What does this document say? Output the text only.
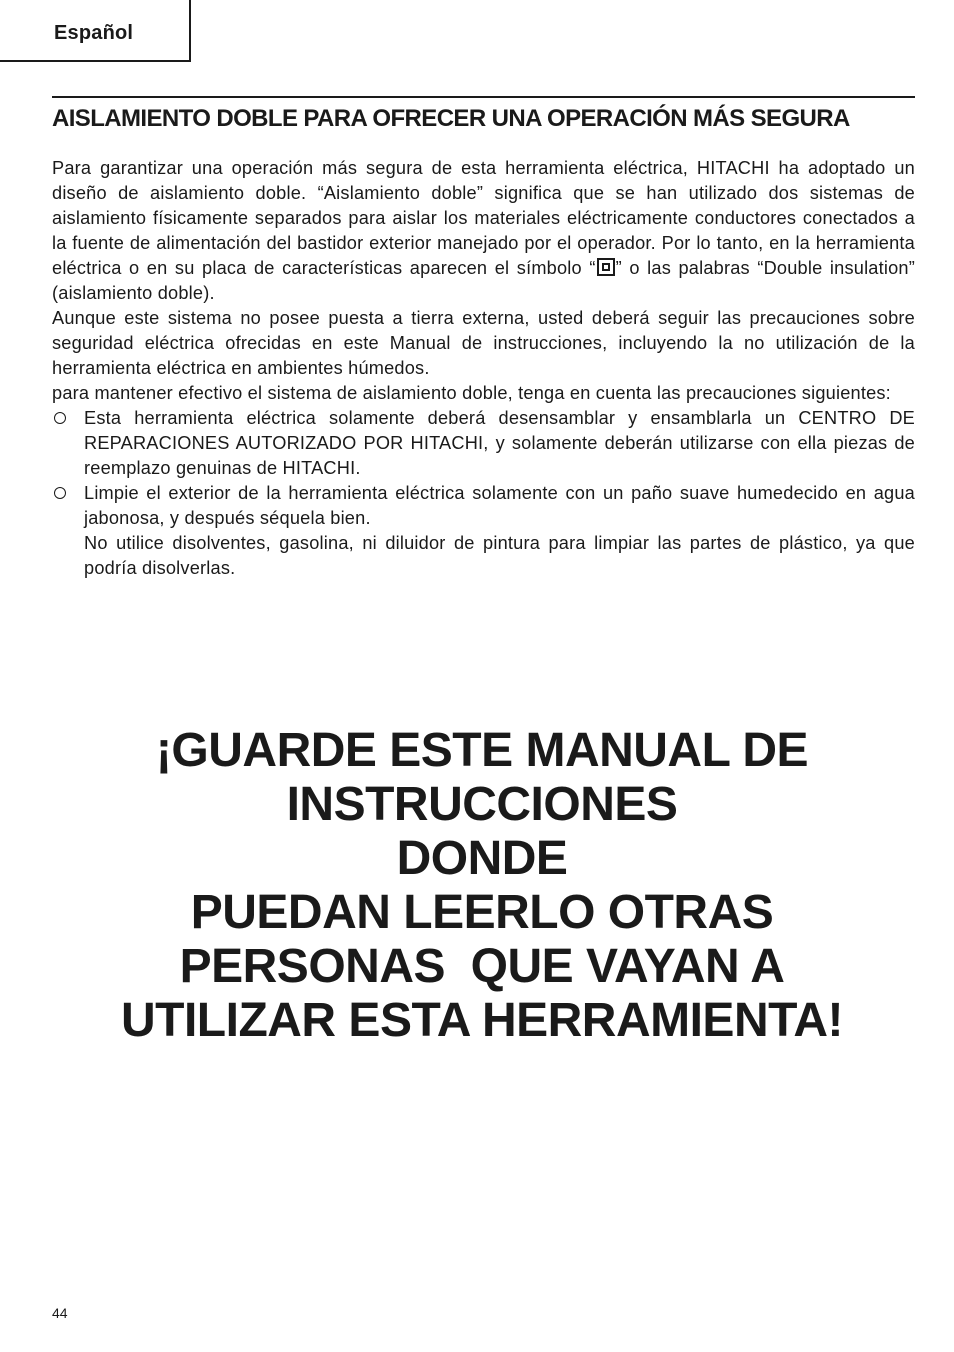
Español
AISLAMIENTO DOBLE PARA OFRECER UNA OPERACIÓN MÁS SEGURA

Para garantizar una operación más segura de esta herramienta eléctrica, HITACHI ha adoptado un diseño de aislamiento doble. “Aislamiento doble” significa que se han utilizado dos sistemas de aislamiento físicamente separados para aislar los materiales eléctricamente conductores conectados a la fuente de alimentación del bastidor exterior manejado por el operador. Por lo tanto, en la herramienta eléctrica o en su placa de características aparecen el símbolo “ ” o las palabras “Double insulation” (aislamiento doble).

Aunque este sistema no posee puesta a tierra externa, usted deberá seguir las precauciones sobre seguridad eléctrica ofrecidas en este Manual de instrucciones, incluyendo la no utilización de la herramienta eléctrica en ambientes húmedos.

para mantener efectivo el sistema de aislamiento doble, tenga en cuenta las precauciones siguientes:

Esta herramienta eléctrica solamente deberá desensamblar y ensamblarla un CENTRO DE REPARACIONES AUTORIZADO POR HITACHI, y solamente deberán utilizarse con ella piezas de reemplazo genuinas de HITACHI.

Limpie el exterior de la herramienta eléctrica solamente con un paño suave humedecido en agua jabonosa, y después séquela bien.

No utilice disolventes, gasolina, ni diluidor de pintura para limpiar las partes de plástico, ya que podría disolverlas.

¡GUARDE ESTE MANUAL DE
INSTRUCCIONES
DONDE
PUEDAN LEERLO OTRAS
PERSONAS  QUE VAYAN A
UTILIZAR ESTA HERRAMIENTA!
44
